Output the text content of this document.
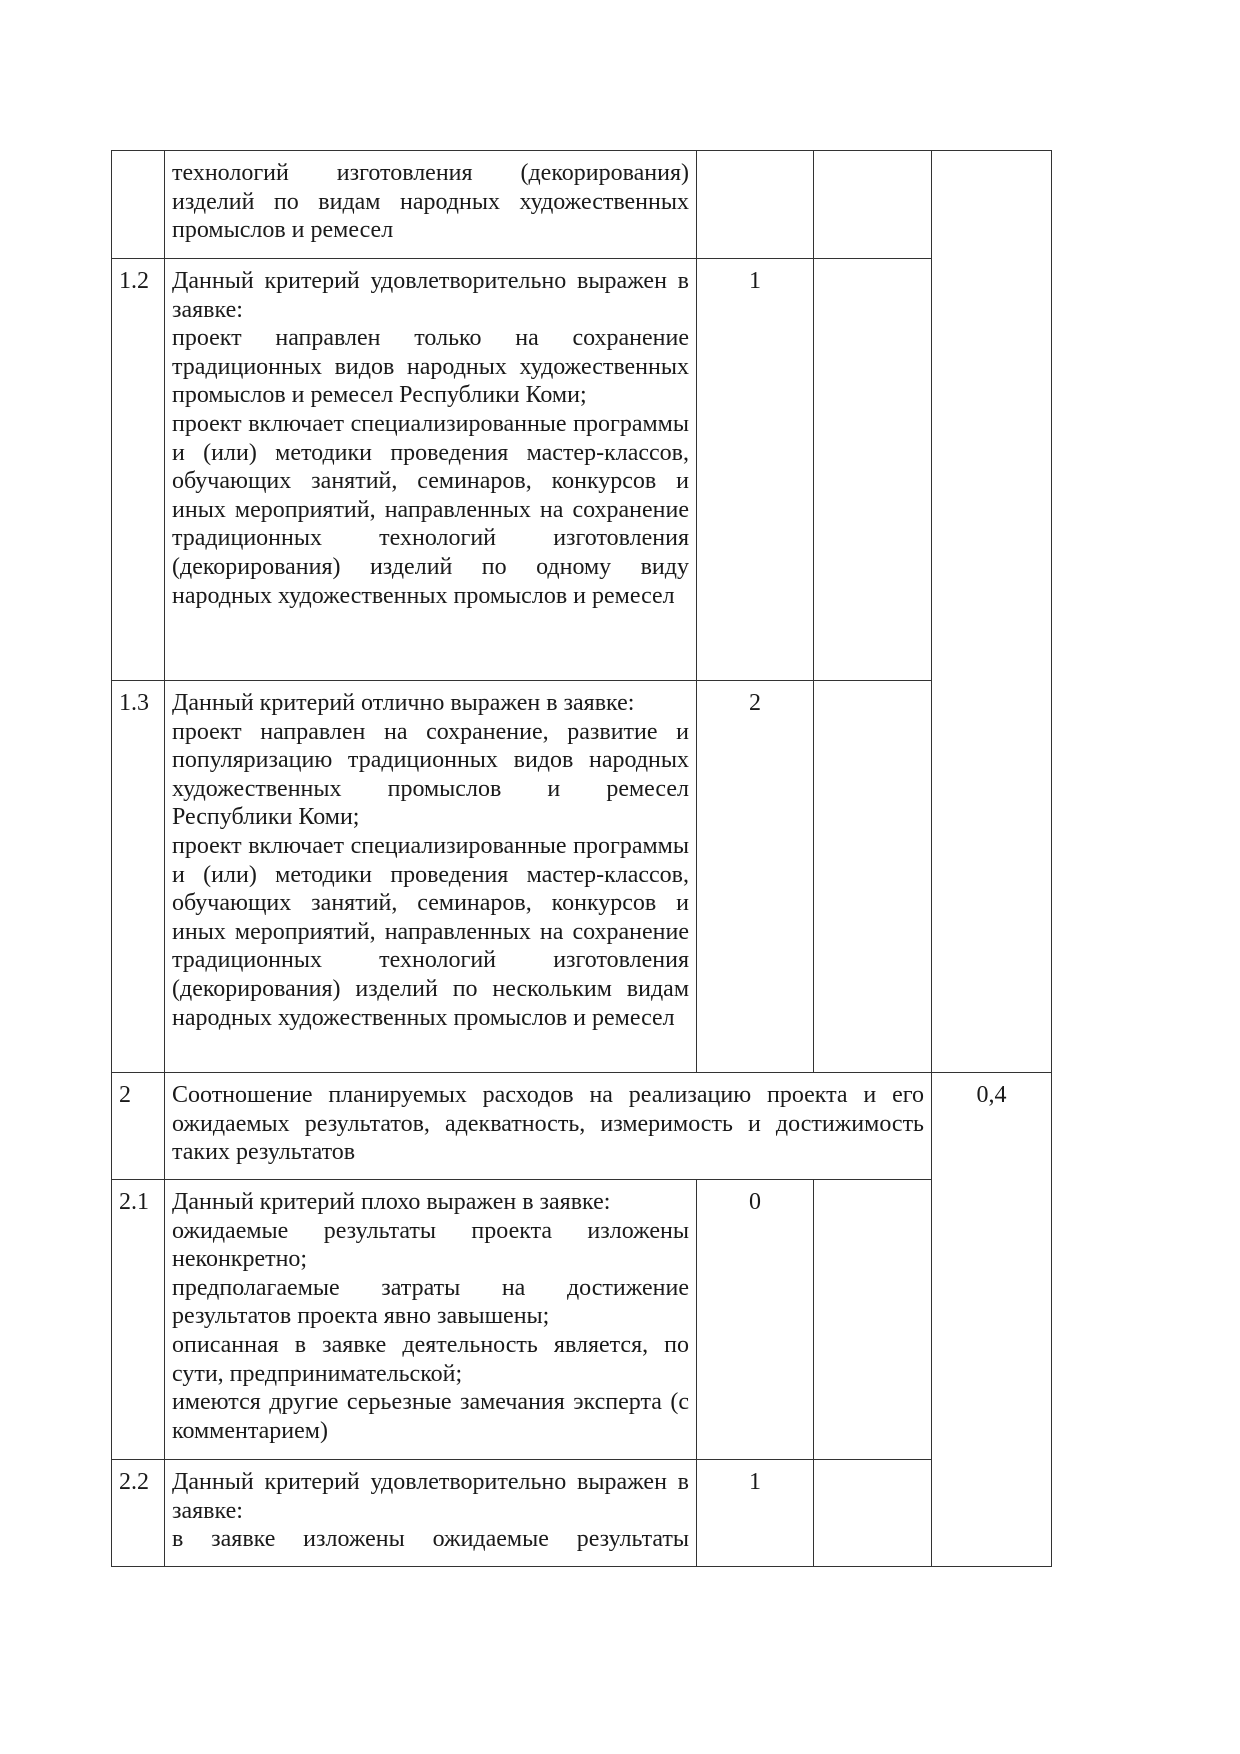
	технологий изготовления (декорирования) изделий по видам народных художественных промыслов и ремесел			

1.2	Данный критерий удовлетворительно выражен в заявке:

проект направлен только на сохранение традиционных видов народных художественных промыслов и ремесел Республики Коми;

проект включает специализированные программы и (или) методики проведения мастер-классов, обучающих занятий, семинаров, конкурсов и иных мероприятий, направленных на сохранение традиционных технологий изготовления (декорирования) изделий по одному виду народных художественных промыслов и ремесел	1		
1.3	Данный критерий отлично выражен в заявке:

проект направлен на сохранение, развитие и популяризацию традиционных видов народных художественных промыслов и ремесел Республики Коми;

проект включает специализированные программы и (или) методики проведения мастер-классов, обучающих занятий, семинаров, конкурсов и иных мероприятий, направленных на сохранение традиционных технологий изготовления (декорирования) изделий по нескольким видам народных художественных промыслов и ремесел	2		
2	Соотношение планируемых расходов на реализацию проекта и его ожидаемых результатов, адекватность, измеримость и достижимость таких результатов			0,4
2.1	Данный критерий плохо выражен в заявке:

ожидаемые результаты проекта изложены неконкретно;

предполагаемые затраты на достижение результатов проекта явно завышены;

описанная в заявке деятельность является, по сути, предпринимательской;

имеются другие серьезные замечания эксперта (с комментарием)	0		
2.2	Данный критерий удовлетворительно выражен в заявке:

в заявке изложены ожидаемые результаты	1		
